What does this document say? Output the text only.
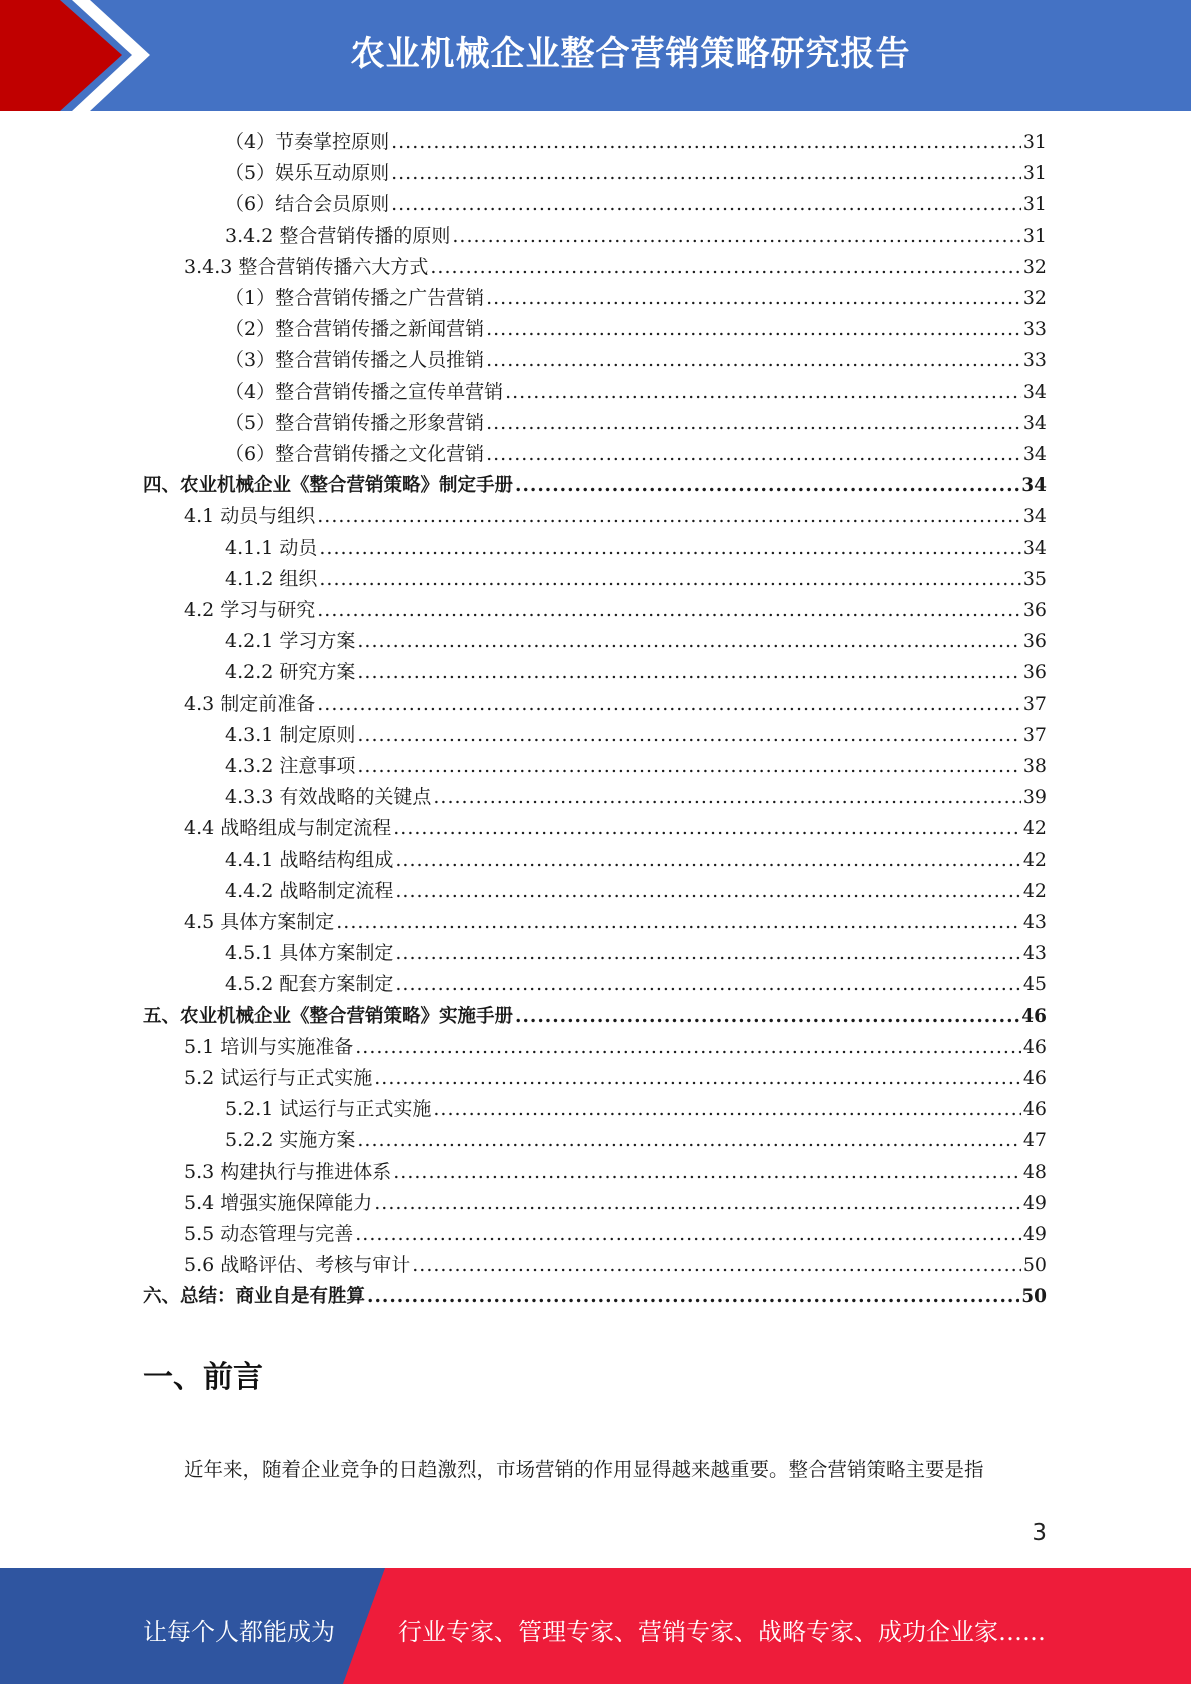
农业机械企业整合营销策略研究报告
（4）节奏掌控原则 .....	31
（5）娱乐互动原则 .....	31
（6）结合会员原则 .....	31
3.4.2 整合营销传播的原则 .....	31
3.4.3 整合营销传播六大方式 .....	32
（1）整合营销传播之广告营销 .....	32
（2）整合营销传播之新闻营销 .....	33
（3）整合营销传播之人员推销 .....	33
（4）整合营销传播之宣传单营销 .....	34
（5）整合营销传播之形象营销 .....	34
（6）整合营销传播之文化营销 .....	34
四、农业机械企业《整合营销策略》制定手册 .....	34
4.1 动员与组织 .....	34
4.1.1 动员 .....	34
4.1.2 组织 .....	35
4.2 学习与研究 .....	36
4.2.1 学习方案 .....	36
4.2.2 研究方案 .....	36
4.3 制定前准备 .....	37
4.3.1 制定原则 .....	37
4.3.2 注意事项 .....	38
4.3.3 有效战略的关键点 .....	39
4.4 战略组成与制定流程 .....	42
4.4.1 战略结构组成 .....	42
4.4.2 战略制定流程 .....	42
4.5 具体方案制定 .....	43
4.5.1 具体方案制定 .....	43
4.5.2 配套方案制定 .....	45
五、农业机械企业《整合营销策略》实施手册 .....	46
5.1 培训与实施准备 .....	46
5.2 试运行与正式实施 .....	46
5.2.1 试运行与正式实施 .....	46
5.2.2 实施方案 .....	47
5.3 构建执行与推进体系 .....	48
5.4 增强实施保障能力 .....	49
5.5 动态管理与完善 .....	49
5.6 战略评估、考核与审计 .....	50
六、总结：商业自是有胜算 .....	50
一、前言
近年来，随着企业竞争的日趋激烈，市场营销的作用显得越来越重要。整合营销策略主要是指
3
让每个人都能成为	行业专家、管理专家、营销专家、战略专家、成功企业家……
